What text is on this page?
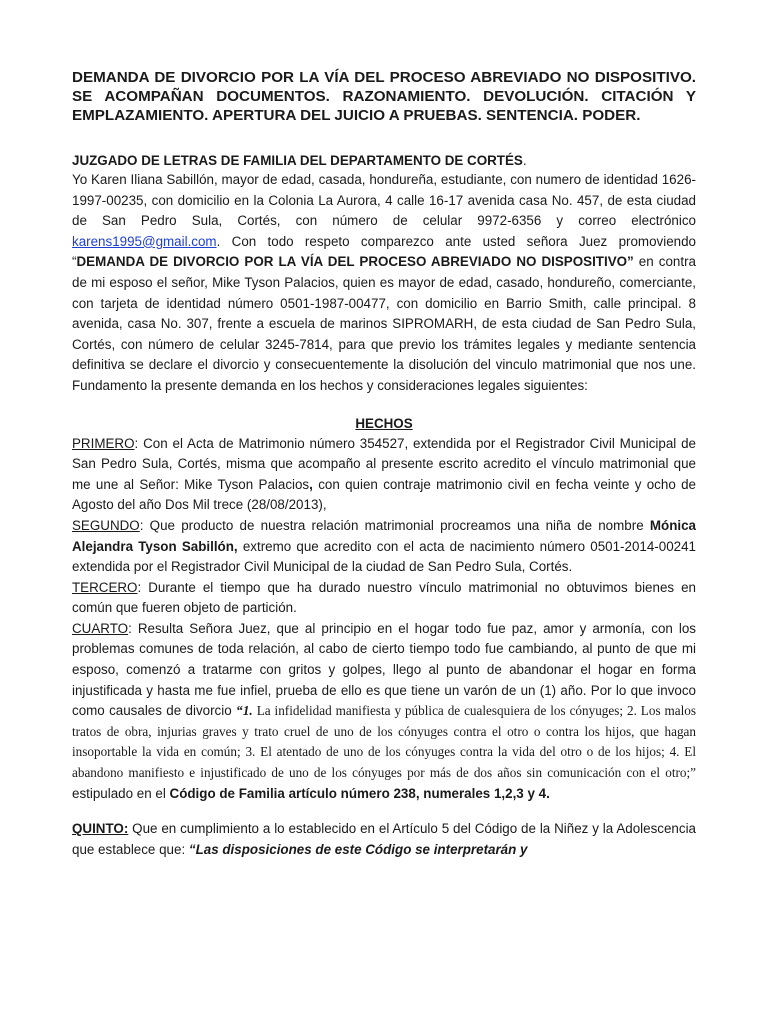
DEMANDA DE DIVORCIO POR LA VÍA DEL PROCESO ABREVIADO NO DISPOSITIVO. SE ACOMPAÑAN DOCUMENTOS. RAZONAMIENTO. DEVOLUCIÓN. CITACIÓN Y EMPLAZAMIENTO. APERTURA DEL JUICIO A PRUEBAS. SENTENCIA. PODER.

JUZGADO DE LETRAS DE FAMILIA DEL DEPARTAMENTO DE CORTÉS.

Yo Karen Iliana Sabillón, mayor de edad, casada, hondureña, estudiante, con numero de identidad 1626-1997-00235, con domicilio en la Colonia La Aurora, 4 calle 16-17 avenida casa No. 457, de esta ciudad de San Pedro Sula, Cortés, con número de celular 9972-6356 y correo electrónico karens1995@gmail.com. Con todo respeto comparezco ante usted señora Juez promoviendo “DEMANDA DE DIVORCIO POR LA VÍA DEL PROCESO ABREVIADO NO DISPOSITIVO” en contra de mi esposo el señor, Mike Tyson Palacios, quien es mayor de edad, casado, hondureño, comerciante, con tarjeta de identidad número 0501-1987-00477, con domicilio en Barrio Smith, calle principal. 8 avenida, casa No. 307, frente a escuela de marinos SIPROMARH, de esta ciudad de San Pedro Sula, Cortés, con número de celular 3245-7814, para que previo los trámites legales y mediante sentencia definitiva se declare el divorcio y consecuentemente la disolución del vinculo matrimonial que nos une. Fundamento la presente demanda en los hechos y consideraciones legales siguientes:

HECHOS

PRIMERO: Con el Acta de Matrimonio número 354527, extendida por el Registrador Civil Municipal de San Pedro Sula, Cortés, misma que acompaño al presente escrito acredito el vínculo matrimonial que me une al Señor: Mike Tyson Palacios, con quien contraje matrimonio civil en fecha veinte y ocho de Agosto del año Dos Mil trece (28/08/2013),

SEGUNDO: Que producto de nuestra relación matrimonial procreamos una niña de nombre Mónica Alejandra Tyson Sabillón, extremo que acredito con el acta de nacimiento número 0501-2014-00241 extendida por el Registrador Civil Municipal de la ciudad de San Pedro Sula, Cortés.

TERCERO: Durante el tiempo que ha durado nuestro vínculo matrimonial no obtuvimos bienes en común que fueren objeto de partición.

CUARTO: Resulta Señora Juez, que al principio en el hogar todo fue paz, amor y armonía, con los problemas comunes de toda relación, al cabo de cierto tiempo todo fue cambiando, al punto de que mi esposo, comenzó a tratarme con gritos y golpes, llego al punto de abandonar el hogar en forma injustificada y hasta me fue infiel, prueba de ello es que tiene un varón de un (1) año. Por lo que invoco como causales de divorcio “1. La infidelidad manifiesta y pública de cualesquiera de los cónyuges; 2. Los malos tratos de obra, injurias graves y trato cruel de uno de los cónyuges contra el otro o contra los hijos, que hagan insoportable la vida en común; 3. El atentado de uno de los cónyuges contra la vida del otro o de los hijos; 4. El abandono manifiesto e injustificado de uno de los cónyuges por más de dos años sin comunicación con el otro;” estipulado en el Código de Familia artículo número 238, numerales 1,2,3 y 4.

QUINTO: Que en cumplimiento a lo establecido en el Artículo 5 del Código de la Niñez y la Adolescencia que establece que: “Las disposiciones de este Código se interpretarán y
